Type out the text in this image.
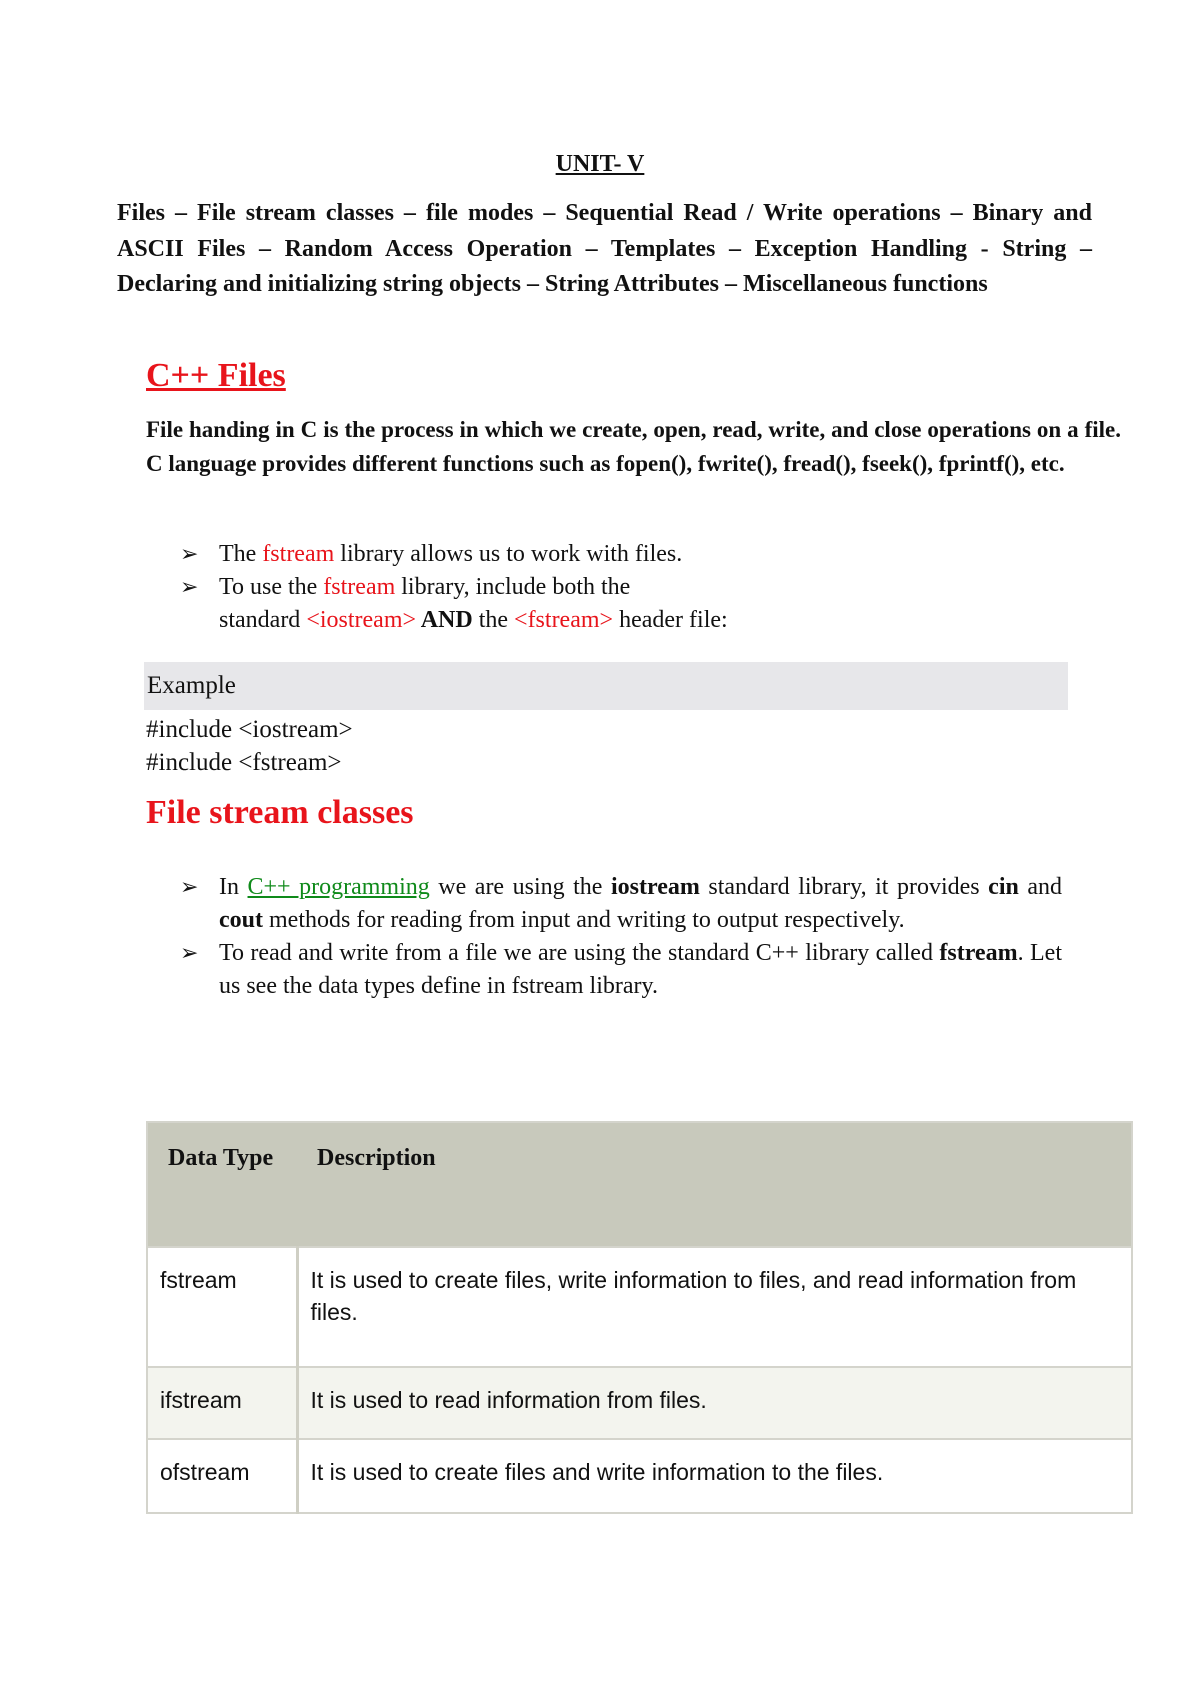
UNIT- V
Files – File stream classes – file modes – Sequential Read / Write operations – Binary and ASCII Files – Random Access Operation – Templates – Exception Handling - String – Declaring and initializing string objects – String Attributes – Miscellaneous functions
C++ Files
File handing in C is the process in which we create, open, read, write, and close operations on a file. C language provides different functions such as fopen(), fwrite(), fread(), fseek(), fprintf(), etc.
➢ The fstream library allows us to work with files.
➢ To use the fstream library, include both the
standard <iostream> AND the <fstream> header file:
Example
#include <iostream>
#include <fstream>
File stream classes
➢ In C++ programming we are using the iostream standard library, it provides cin and cout methods for reading from input and writing to output respectively.
➢ To read and write from a file we are using the standard C++ library called fstream. Let us see the data types define in fstream library.
Data Type	Description
fstream	It is used to create files, write information to files, and read information from files.
ifstream	It is used to read information from files.
ofstream	It is used to create files and write information to the files.
